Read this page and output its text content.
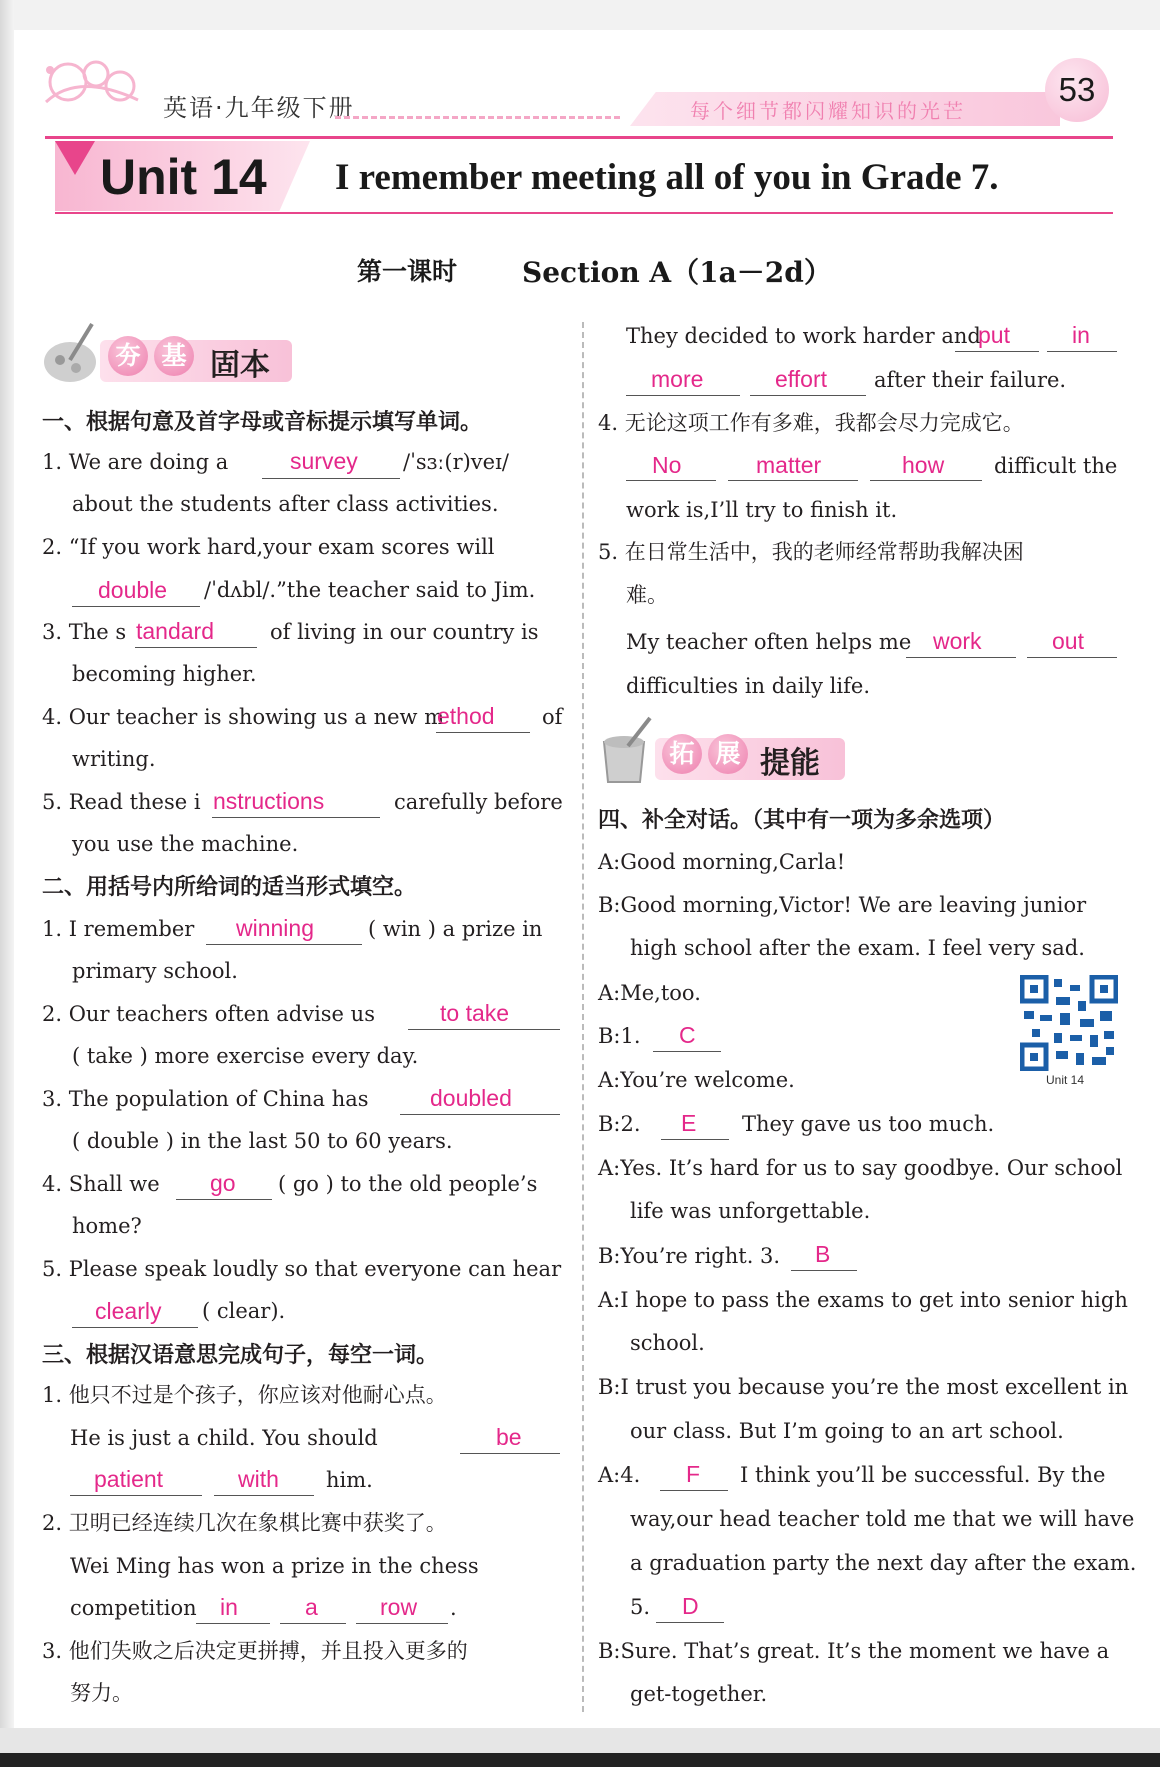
英语·九年级下册	每个细节都闪耀知识的光芒
53
Unit 14 I remember meeting all of you in Grade 7.
第一课时 Section A（1a－2d）
夯 基 固本
一、根据句意及首字母或音标提示填写单词。
1. We are doing a	survey /ˈsɜː(r)veɪ/
about the students after class activities.
2. “If you work hard,your exam scores will
double /ˈdʌbl/.”the teacher said to Jim.
3. The s tandard	of living in our country is
becoming higher.
4. Our teacher is showing us a new m
ethod of
writing.
5. Read these i nstructions	carefully before
you use the machine.
二、用括号内所给词的适当形式填空。
1. I remember winning	( win ) a prize in
primary school.
2. Our teachers often advise us	to take
( take ) more exercise every day.
3. The population of China has	doubled
( double ) in the last 50 to 60 years.
4. Shall we go ( go ) to the old people’s
home?
5. Please speak loudly so that everyone can hear
clearly ( clear).
三、根据汉语意思完成句子，每空一词。
1. 他只不过是个孩子，你应该对他耐心点。
He is just a child. You should	be
patient	with him.
2. 卫明已经连续几次在象棋比赛中获奖了。
Wei Ming has won a prize in the chess
competition in	a	row .
3. 他们失败之后决定更拼搏，并且投入更多的
努力。
They decided to work harder and
put	in
more	effort after their failure.
4. 无论这项工作有多难，我都会尽力完成它。
No	matter	how difficult the
work is,I’ll try to finish it.
5. 在日常生活中，我的老师经常帮助我解决困
难。
My teacher often helps me work	out
difficulties in daily life.
拓 展 提能
四、补全对话。（其中有一项为多余选项）
A:Good morning,Carla!
B:Good morning,Victor! We are leaving junior
high school after the exam. I feel very sad.
A:Me,too.
Unit 14
B:1. C
A:You’re welcome.
B:2. E They gave us too much.
A:Yes. It’s hard for us to say goodbye. Our school
life was unforgettable.
B:You’re right. 3. B
A:I hope to pass the exams to get into senior high
school.
B:I trust you because you’re the most excellent in
our class. But I’m going to an art school.
A:4. F I think you’ll be successful. By the
way,our head teacher told me that we will have
a graduation party the next day after the exam.
5. D
B:Sure. That’s great. It’s the moment we have a
get-together.
